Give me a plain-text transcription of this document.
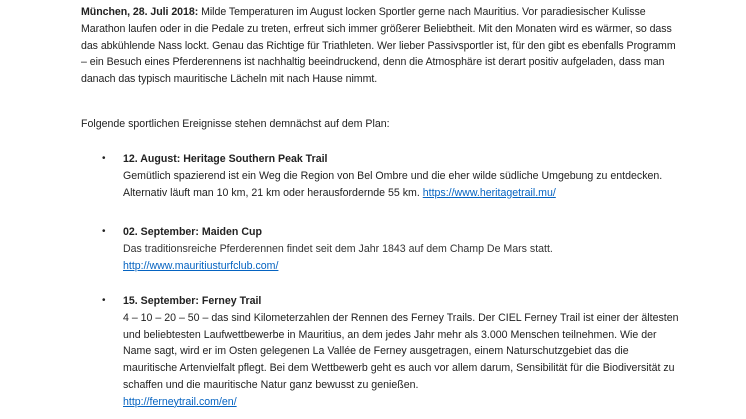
München, 28. Juli 2018: Milde Temperaturen im August locken Sportler gerne nach Mauritius. Vor paradiesischer Kulisse Marathon laufen oder in die Pedale zu treten, erfreut sich immer größerer Beliebtheit. Mit den Monaten wird es wärmer, so dass das abkühlende Nass lockt. Genau das Richtige für Triathleten. Wer lieber Passivsportler ist, für den gibt es ebenfalls Programm – ein Besuch eines Pferderennens ist nachhaltig beeindruckend, denn die Atmosphäre ist derart positiv aufgeladen, dass man danach das typisch mauritische Lächeln mit nach Hause nimmt.

Folgende sportlichen Ereignisse stehen demnächst auf dem Plan:

• 12. August: Heritage Southern Peak Trail
Gemütlich spazierend ist ein Weg die Region von Bel Ombre und die eher wilde südliche Umgebung zu entdecken. Alternativ läuft man 10 km, 21 km oder herausfordernde 55 km. https://www.heritagetrail.mu/
• 02. September: Maiden Cup
Das traditionsreiche Pferderennen findet seit dem Jahr 1843 auf dem Champ De Mars statt.
http://www.mauritiusturfclub.com/
• 15. September: Ferney Trail
4 – 10 – 20 – 50 – das sind Kilometerzahlen der Rennen des Ferney Trails. Der CIEL Ferney Trail ist einer der ältesten und beliebtesten Laufwettbewerbe in Mauritius, an dem jedes Jahr mehr als 3.000 Menschen teilnehmen. Wie der Name sagt, wird er im Osten gelegenen La Vallée de Ferney ausgetragen, einem Naturschutzgebiet das die mauritische Artenvielfalt pflegt. Bei dem Wettbewerb geht es auch vor allem darum, Sensibilität für die Biodiversität zu schaffen und die mauritische Natur ganz bewusst zu genießen.
http://ferneytrail.com/en/
